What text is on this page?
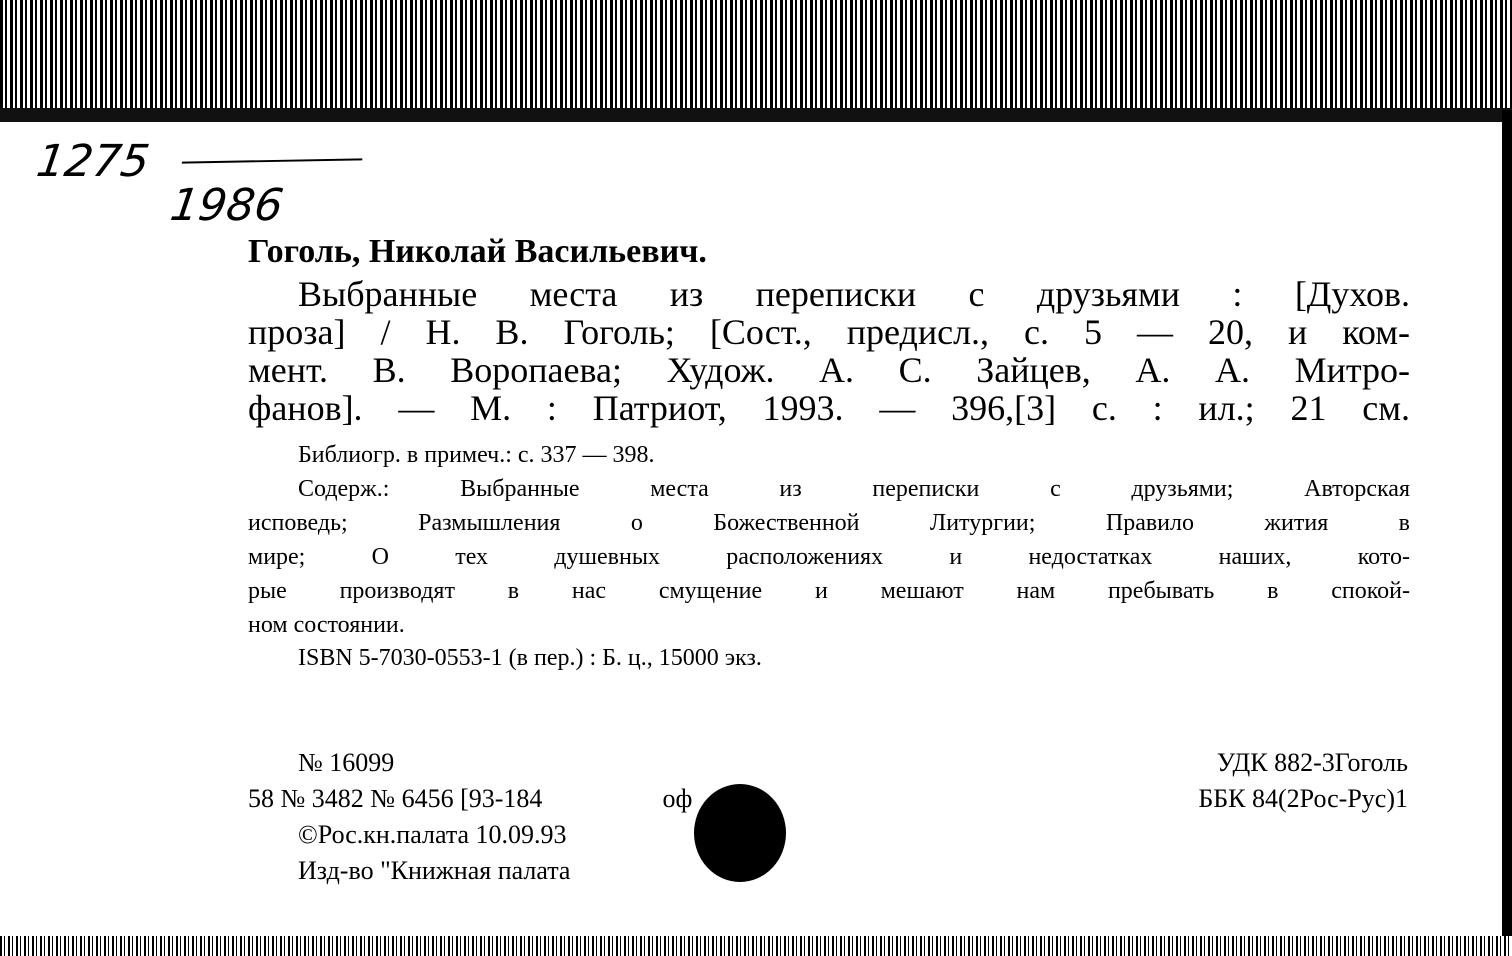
1275
1986
Гоголь, Николай Васильевич.
Выбранные места из переписки с друзьями : [Духов.
проза] / Н. В. Гоголь; [Сост., предисл., с. 5 — 20, и ком-
мент. В. Воропаева; Худож. А. С. Зайцев, А. А. Митро-
фанов]. — М. : Патриот, 1993. — 396,[3] с. : ил.; 21 см.
Библиогр. в примеч.: с. 337 — 398.
Содерж.: Выбранные места из переписки с друзьями; Авторская
исповедь; Размышления о Божественной Литургии; Правило жития в
мире; О тех душевных расположениях и недостатках наших, кото-
рые производят в нас смущение и мешают нам пребывать в спокой-
ном состоянии.
ISBN 5-7030-0553-1 (в пер.) : Б. ц., 15000 экз.
№ 16099
58 № 3482 № 6456 [93-184	оф
©Рос.кн.палата 10.09.93
Изд-во "Книжная палата
УДК 882-3Гоголь
ББК 84(2Рос-Рус)1
